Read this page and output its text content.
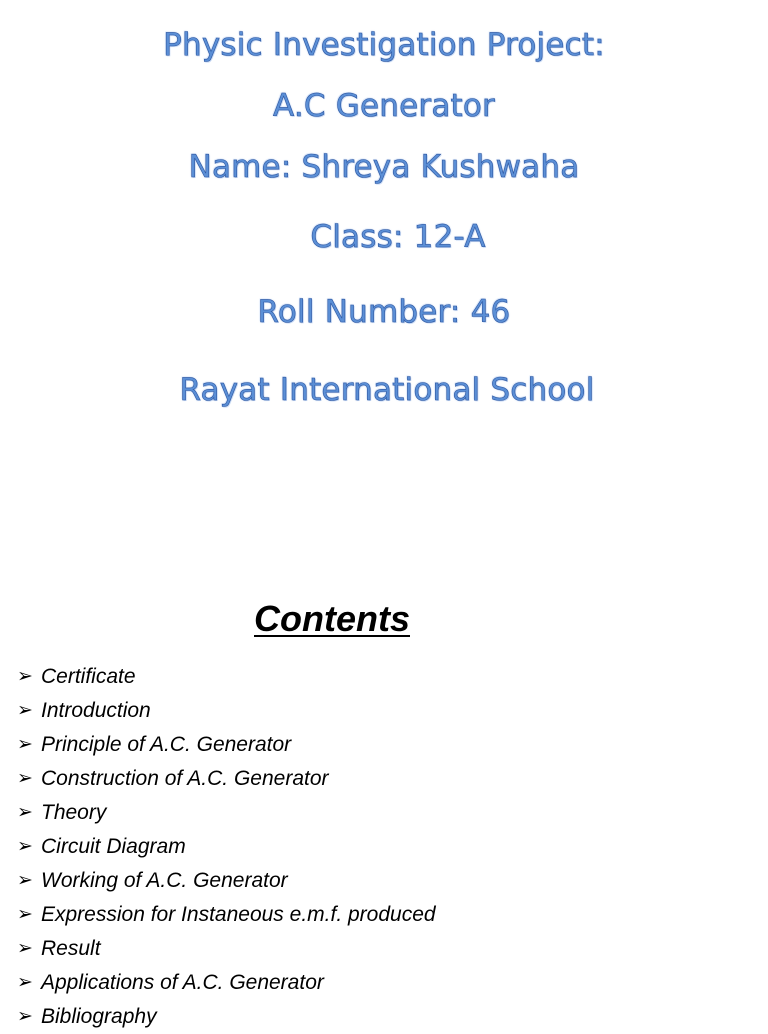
Physic Investigation Project:
A.C Generator
Name: Shreya Kushwaha
Class: 12-A
Roll Number: 46
Rayat International School
Contents
➢ Certificate
➢ Introduction
➢ Principle of A.C. Generator
➢ Construction of A.C. Generator
➢ Theory
➢ Circuit Diagram
➢ Working of A.C. Generator
➢ Expression for Instaneous e.m.f. produced
➢ Result
➢ Applications of A.C. Generator
➢ Bibliography
